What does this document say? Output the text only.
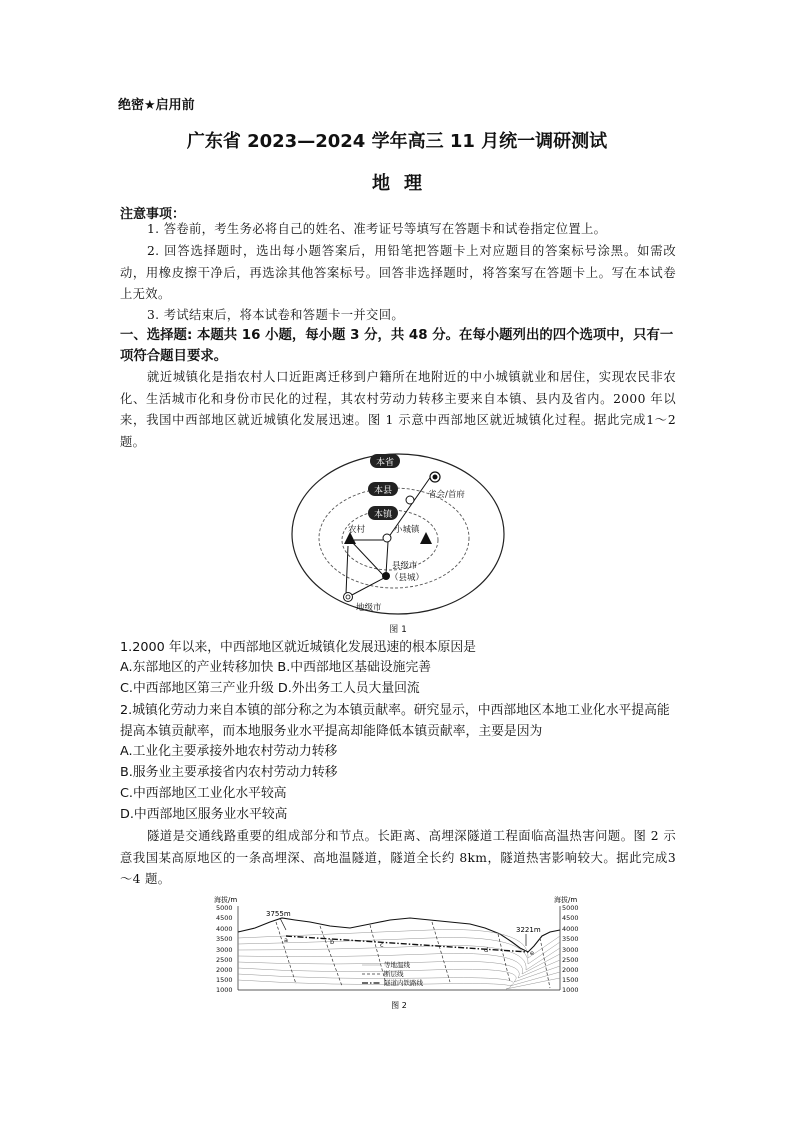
绝密★启用前
广东省 2023—2024 学年高三 11 月统一调研测试
地理
注意事项：
1. 答卷前，考生务必将自己的姓名、准考证号等填写在答题卡和试卷指定位置上。
2. 回答选择题时，选出每小题答案后，用铅笔把答题卡上对应题目的答案标号涂黑。如需改动，用橡皮擦干净后，再选涂其他答案标号。回答非选择题时，将答案写在答题卡上。写在本试卷上无效。
3. 考试结束后，将本试卷和答题卡一并交回。
一、选择题: 本题共 16 小题，每小题 3 分，共 48 分。在每小题列出的四个选项中，只有一项符合题目要求。
就近城镇化是指农村人口近距离迁移到户籍所在地附近的中小城镇就业和居住，实现农民非农化、生活城市化和身份市民化的过程，其农村劳动力转移主要来自本镇、县内及省内。2000 年以来，我国中西部地区就近城镇化发展迅速。图 1 示意中西部地区就近城镇化过程。据此完成1～2 题。
本省
本县
本镇
省会/首府
农村	小城镇
县级市
（县城）
地级市
图 1
1.2000 年以来，中西部地区就近城镇化发展迅速的根本原因是
A.东部地区的产业转移加快 B.中西部地区基础设施完善
C.中西部地区第三产业升级 D.外出务工人员大量回流
2.城镇化劳动力来自本镇的部分称之为本镇贡献率。研究显示，中西部地区本地工业化水平提高能提高本镇贡献率，而本地服务业水平提高却能降低本镇贡献率，主要是因为
A.工业化主要承接外地农村劳动力转移
B.服务业主要承接省内农村劳动力转移
C.中西部地区工业化水平较高
D.中西部地区服务业水平较高
隧道是交通线路重要的组成部分和节点。长距离、高埋深隧道工程面临高温热害问题。图 2 示意我国某高原地区的一条高埋深、高地温隧道，隧道全长约 8km，隧道热害影响较大。据此完成3～4 题。
海拔/m	海拔/m
5000
4500
4000
3500
3000
2500
2000
1500
1000
5000
4500
4000
3500
3000
2500
2000
1500
1000
3755m
3221m
a	b	c
d	e
等地温线
断层线
隧道内铁路线
图 2
